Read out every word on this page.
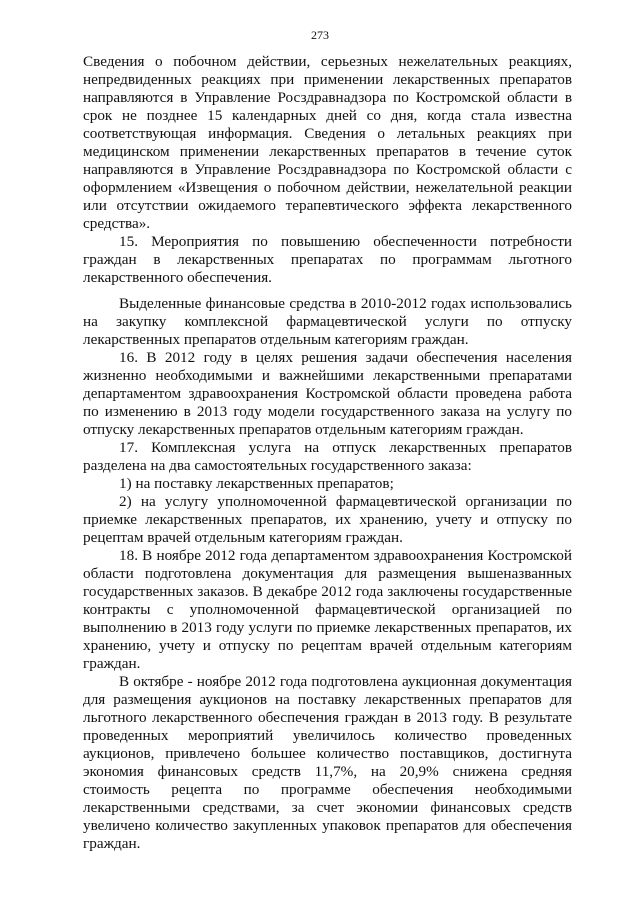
273

Сведения о побочном действии, серьезных нежелательных реакциях, непредвиденных реакциях при применении лекарственных препаратов направляются в Управление Росздравнадзора по Костромской области в срок не позднее 15 календарных дней со дня, когда стала известна соответствующая информация. Сведения о летальных реакциях при медицинском применении лекарственных препаратов в течение суток направляются в Управление Росздравнадзора по Костромской области с оформлением «Извещения о побочном действии, нежелательной реакции или отсутствии ожидаемого терапевтического эффекта лекарственного средства».

15. Мероприятия по повышению обеспеченности потребности граждан в лекарственных препаратах по программам льготного лекарственного обеспечения.

Выделенные финансовые средства в 2010-2012 годах использовались на закупку комплексной фармацевтической услуги по отпуску лекарственных препаратов отдельным категориям граждан.

16. В 2012 году в целях решения задачи обеспечения населения жизненно необходимыми и важнейшими лекарственными препаратами департаментом здравоохранения Костромской области проведена работа по изменению в 2013 году модели государственного заказа на услугу по отпуску лекарственных препаратов отдельным категориям граждан.

17. Комплексная услуга на отпуск лекарственных препаратов разделена на два самостоятельных государственного заказа:

1) на поставку лекарственных препаратов;

2) на услугу уполномоченной фармацевтической организации по приемке лекарственных препаратов, их хранению, учету и отпуску по рецептам врачей отдельным категориям граждан.

18. В ноябре 2012 года департаментом здравоохранения Костромской области подготовлена документация для размещения вышеназванных государственных заказов. В декабре 2012 года заключены государственные контракты с уполномоченной фармацевтической организацией по выполнению в 2013 году услуги по приемке лекарственных препаратов, их хранению, учету и отпуску по рецептам врачей отдельным категориям граждан.

В октябре - ноябре 2012 года подготовлена аукционная документация для размещения аукционов на поставку лекарственных препаратов для льготного лекарственного обеспечения граждан в 2013 году. В результате проведенных мероприятий увеличилось количество проведенных аукционов, привлечено большее количество поставщиков, достигнута экономия финансовых средств 11,7%, на 20,9% снижена средняя стоимость рецепта по программе обеспечения необходимыми лекарственными средствами, за счет экономии финансовых средств увеличено количество закупленных упаковок препаратов для обеспечения граждан.
